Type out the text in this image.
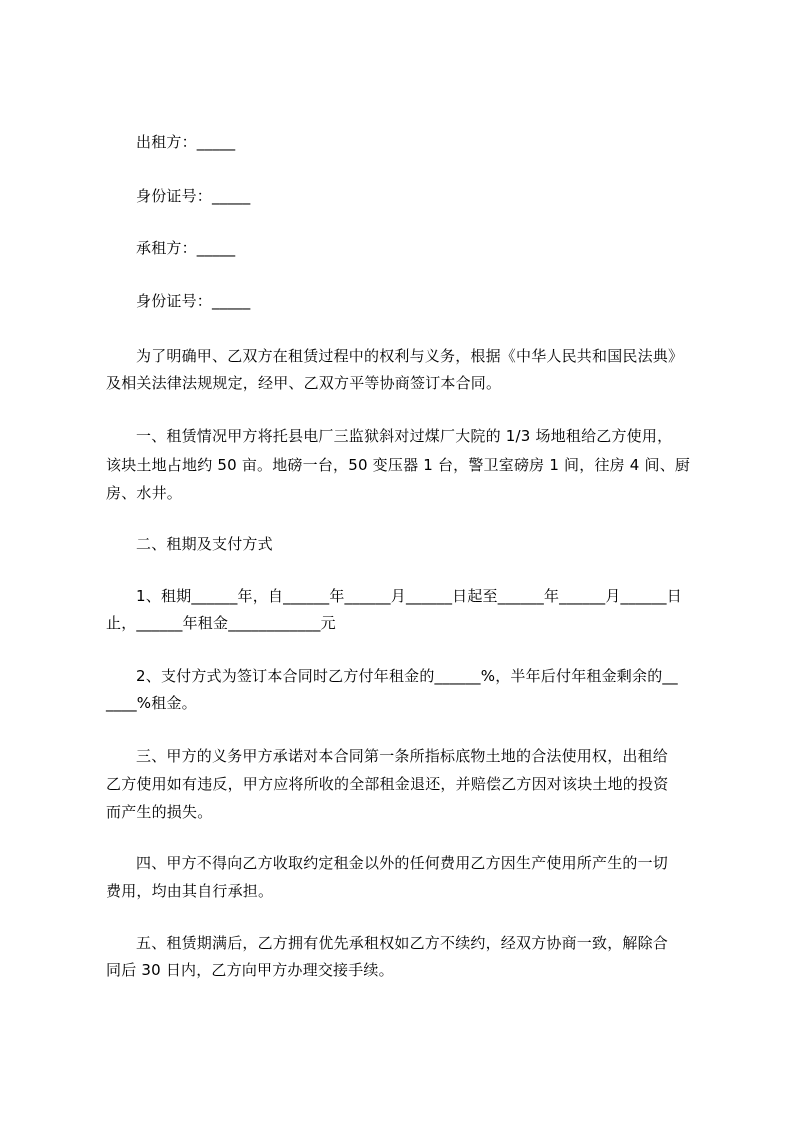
出租方：_____
身份证号：_____
承租方：_____
身份证号：_____
为了明确甲、乙双方在租赁过程中的权利与义务，根据《中华人民共和国民法典》
及相关法律法规规定，经甲、乙双方平等协商签订本合同。
一、租赁情况甲方将托县电厂三监狱斜对过煤厂大院的 1/3 场地租给乙方使用，
该块土地占地约 50 亩。地磅一台，50 变压器 1 台，警卫室磅房 1 间，往房 4 间、厨
房、水井。
二、租期及支付方式
1、租期______年，自______年______月______日起至______年______月______日
止，______年租金____________元
2、支付方式为签订本合同时乙方付年租金的______%，半年后付年租金剩余的__
____%租金。
三、甲方的义务甲方承诺对本合同第一条所指标底物土地的合法使用权，出租给
乙方使用如有违反，甲方应将所收的全部租金退还，并赔偿乙方因对该块土地的投资
而产生的损失。
四、甲方不得向乙方收取约定租金以外的任何费用乙方因生产使用所产生的一切
费用，均由其自行承担。
五、租赁期满后，乙方拥有优先承租权如乙方不续约，经双方协商一致，解除合
同后 30 日内，乙方向甲方办理交接手续。
